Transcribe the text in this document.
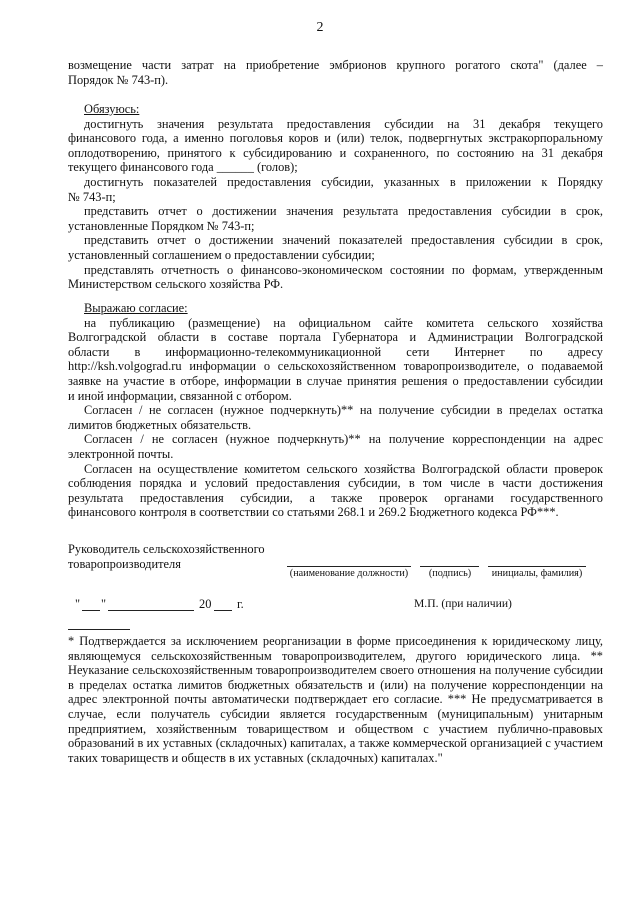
2
возмещение части затрат на приобретение эмбрионов крупного рогатого скота" (далее –
Порядок № 743-п).
Обязуюсь:
достигнуть значения результата предоставления субсидии на 31 декабря текущего
финансового года, а именно поголовья коров и (или) телок, подвергнутых экстракорпоральному
оплодотворению, принятого к субсидированию и сохраненного, по состоянию на 31 декабря
текущего финансового года ______ (голов);
достигнуть показателей предоставления субсидии, указанных в приложении к Порядку
№ 743-п;
представить отчет о достижении значения результата предоставления субсидии в срок,
установленные Порядком № 743-п;
представить отчет о достижении значений показателей предоставления субсидии в срок,
установленный соглашением о предоставлении субсидии;
представлять отчетность о финансово-экономическом состоянии по формам, утвержденным
Министерством сельского хозяйства РФ.
Выражаю согласие:
на публикацию (размещение) на официальном сайте комитета сельского хозяйства
Волгоградской области в составе портала Губернатора и Администрации Волгоградской
области в информационно-телекоммуникационной сети Интернет по адресу
http://ksh.volgograd.ru информации о сельскохозяйственном товаропроизводителе, о подаваемой
заявке на участие в отборе, информации в случае принятия решения о предоставлении субсидии
и иной информации, связанной с отбором.
Согласен / не согласен (нужное подчеркнуть)** на получение субсидии в пределах остатка
лимитов бюджетных обязательств.
Согласен / не согласен (нужное подчеркнуть)** на получение корреспонденции на адрес
электронной почты.
Согласен на осуществление комитетом сельского хозяйства Волгоградской области проверок
соблюдения порядка и условий предоставления субсидии, в том числе в части достижения
результата предоставления субсидии, а также проверок органами государственного
финансового контроля в соответствии со статьями 268.1 и 269.2 Бюджетного кодекса РФ***.
Руководитель сельскохозяйственного
товаропроизводителя
(наименование должности)	(подпись)	инициалы, фамилия)
" "	20 г.	М.П. (при наличии)
* Подтверждается за исключением реорганизации в форме присоединения к юридическому лицу, являющемуся сельскохозяйственным товаропроизводителем, другого юридического лица. ** Неуказание сельскохозяйственным товаропроизводителем своего отношения на получение субсидии в пределах остатка лимитов бюджетных обязательств и (или) на получение корреспонденции на адрес электронной почты автоматически подтверждает его согласие. *** Не предусматривается в случае, если получатель субсидии является государственным (муниципальным) унитарным предприятием, хозяйственным товариществом и обществом с участием публично-правовых образований в их уставных (складочных) капиталах, а также коммерческой организацией с участием таких товариществ и обществ в их уставных (складочных) капиталах."
